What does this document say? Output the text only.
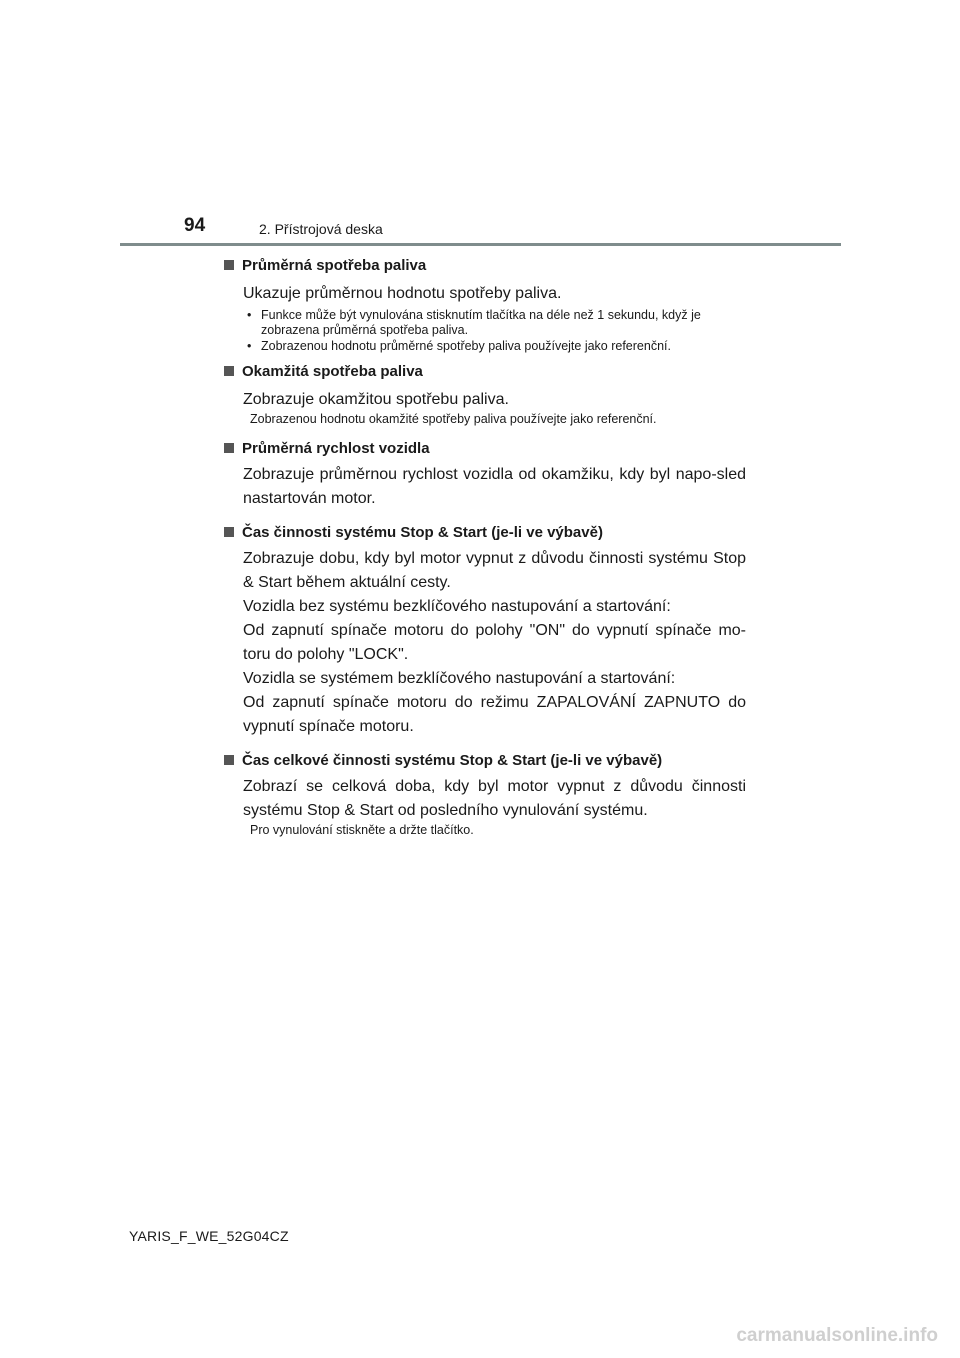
94	2. Přístrojová deska
Průměrná spotřeba paliva
Ukazuje průměrnou hodnotu spotřeby paliva.
• Funkce může být vynulována stisknutím tlačítka na déle než 1 sekundu, když je zobrazena průměrná spotřeba paliva.
• Zobrazenou hodnotu průměrné spotřeby paliva používejte jako referenční.
Okamžitá spotřeba paliva
Zobrazuje okamžitou spotřebu paliva.
Zobrazenou hodnotu okamžité spotřeby paliva používejte jako referenční.
Průměrná rychlost vozidla
Zobrazuje průměrnou rychlost vozidla od okamžiku, kdy byl napo-sled nastartován motor.
Čas činnosti systému Stop & Start (je-li ve výbavě)
Zobrazuje dobu, kdy byl motor vypnut z důvodu činnosti systému Stop & Start během aktuální cesty.
Vozidla bez systému bezklíčového nastupování a startování:
Od zapnutí spínače motoru do polohy "ON" do vypnutí spínače mo-toru do polohy "LOCK".
Vozidla se systémem bezklíčového nastupování a startování:
Od zapnutí spínače motoru do režimu ZAPALOVÁNÍ ZAPNUTO do vypnutí spínače motoru.
Čas celkové činnosti systému Stop & Start (je-li ve výbavě)
Zobrazí se celková doba, kdy byl motor vypnut z důvodu činnosti systému Stop & Start od posledního vynulování systému.
Pro vynulování stiskněte a držte tlačítko.
YARIS_F_WE_52G04CZ
carmanualsonline.info
